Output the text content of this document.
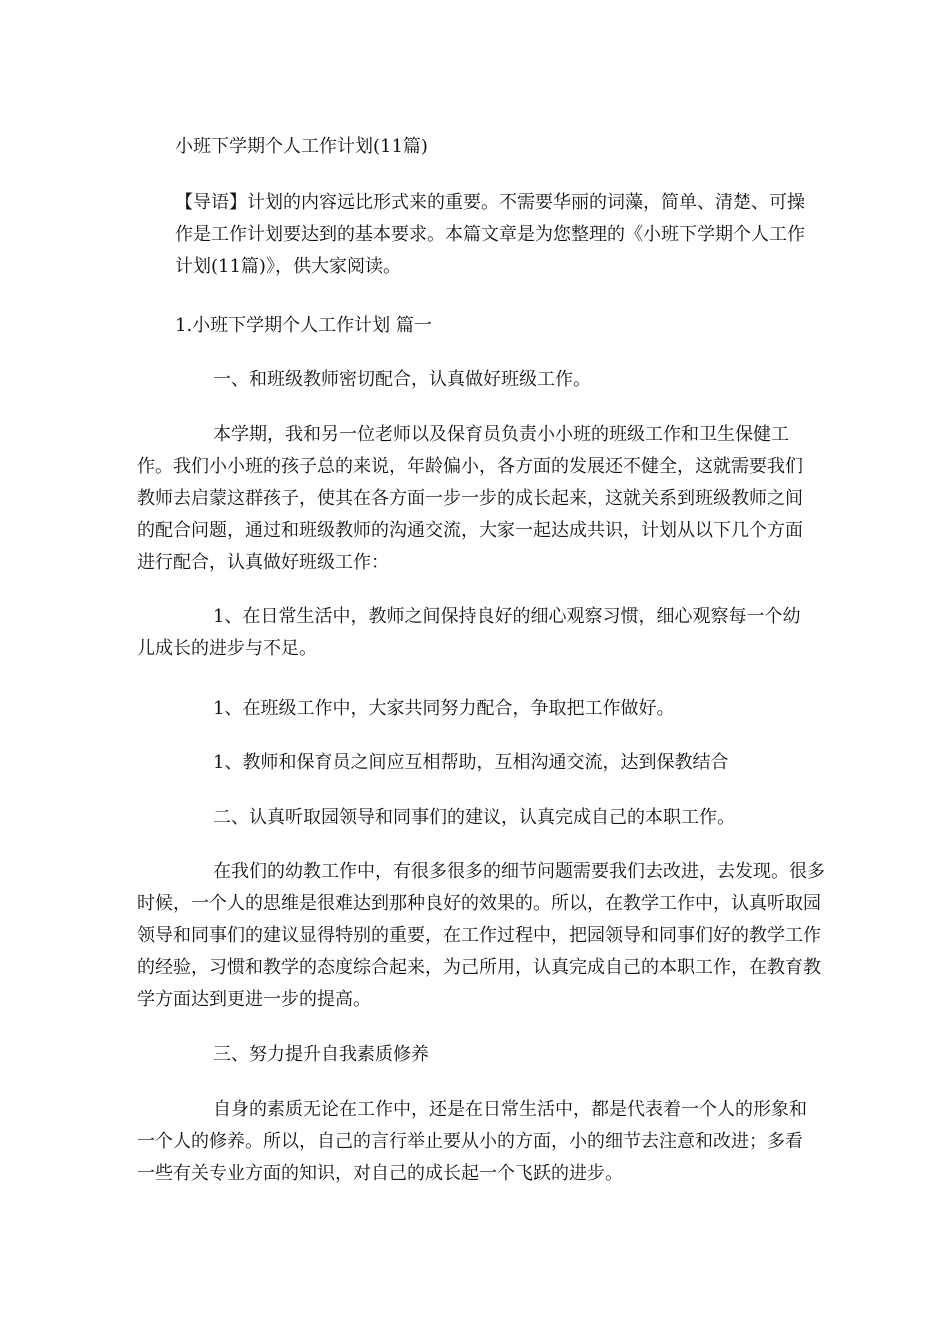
小班下学期个人工作计划(11篇)

【导语】计划的内容远比形式来的重要。不需要华丽的词藻，简单、清楚、可操作是工作计划要达到的基本要求。本篇文章是为您整理的《小班下学期个人工作计划(11篇)》，供大家阅读。

1.小班下学期个人工作计划 篇一
一、和班级教师密切配合，认真做好班级工作。

本学期，我和另一位老师以及保育员负责小小班的班级工作和卫生保健工作。我们小小班的孩子总的来说，年龄偏小，各方面的发展还不健全，这就需要我们教师去启蒙这群孩子，使其在各方面一步一步的成长起来，这就关系到班级教师之间的配合问题，通过和班级教师的沟通交流，大家一起达成共识，计划从以下几个方面进行配合，认真做好班级工作：

1、在日常生活中，教师之间保持良好的细心观察习惯，细心观察每一个幼儿成长的进步与不足。

1、在班级工作中，大家共同努力配合，争取把工作做好。
1、教师和保育员之间应互相帮助，互相沟通交流，达到保教结合
二、认真听取园领导和同事们的建议，认真完成自己的本职工作。

在我们的幼教工作中，有很多很多的细节问题需要我们去改进，去发现。很多时候，一个人的思维是很难达到那种良好的效果的。所以，在教学工作中，认真听取园领导和同事们的建议显得特别的重要，在工作过程中，把园领导和同事们好的教学工作的经验，习惯和教学的态度综合起来，为己所用，认真完成自己的本职工作，在教育教学方面达到更进一步的提高。

三、努力提升自我素质修养

自身的素质无论在工作中，还是在日常生活中，都是代表着一个人的形象和一个人的修养。所以，自己的言行举止要从小的方面，小的细节去注意和改进；多看一些有关专业方面的知识，对自己的成长起一个飞跃的进步。
